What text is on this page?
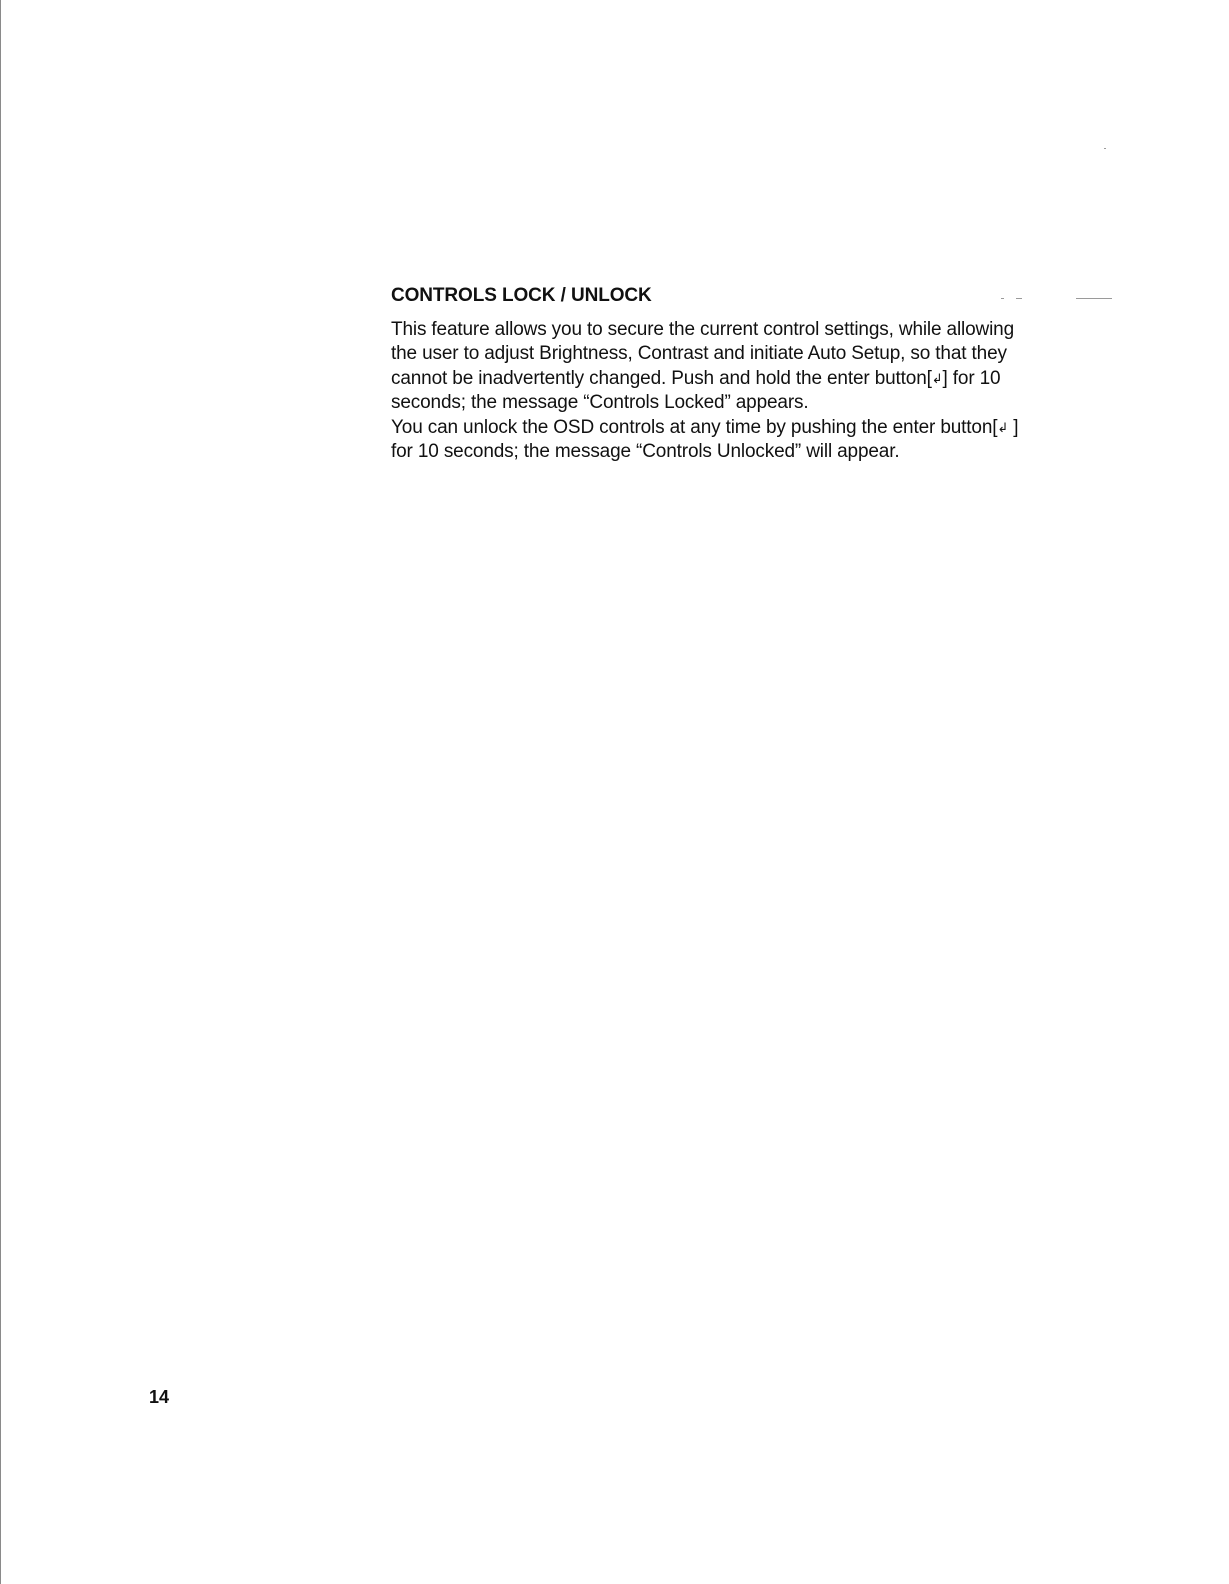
CONTROLS LOCK / UNLOCK

This feature allows you to secure the current control settings, while allowing
the user to adjust Brightness, Contrast and initiate Auto Setup, so that they
cannot be inadvertently changed. Push and hold the enter button[↲] for 10
seconds; the message “Controls Locked” appears.

You can unlock the OSD controls at any time by pushing the enter button[↲ ]
for 10 seconds; the message “Controls Unlocked” will appear.

14
